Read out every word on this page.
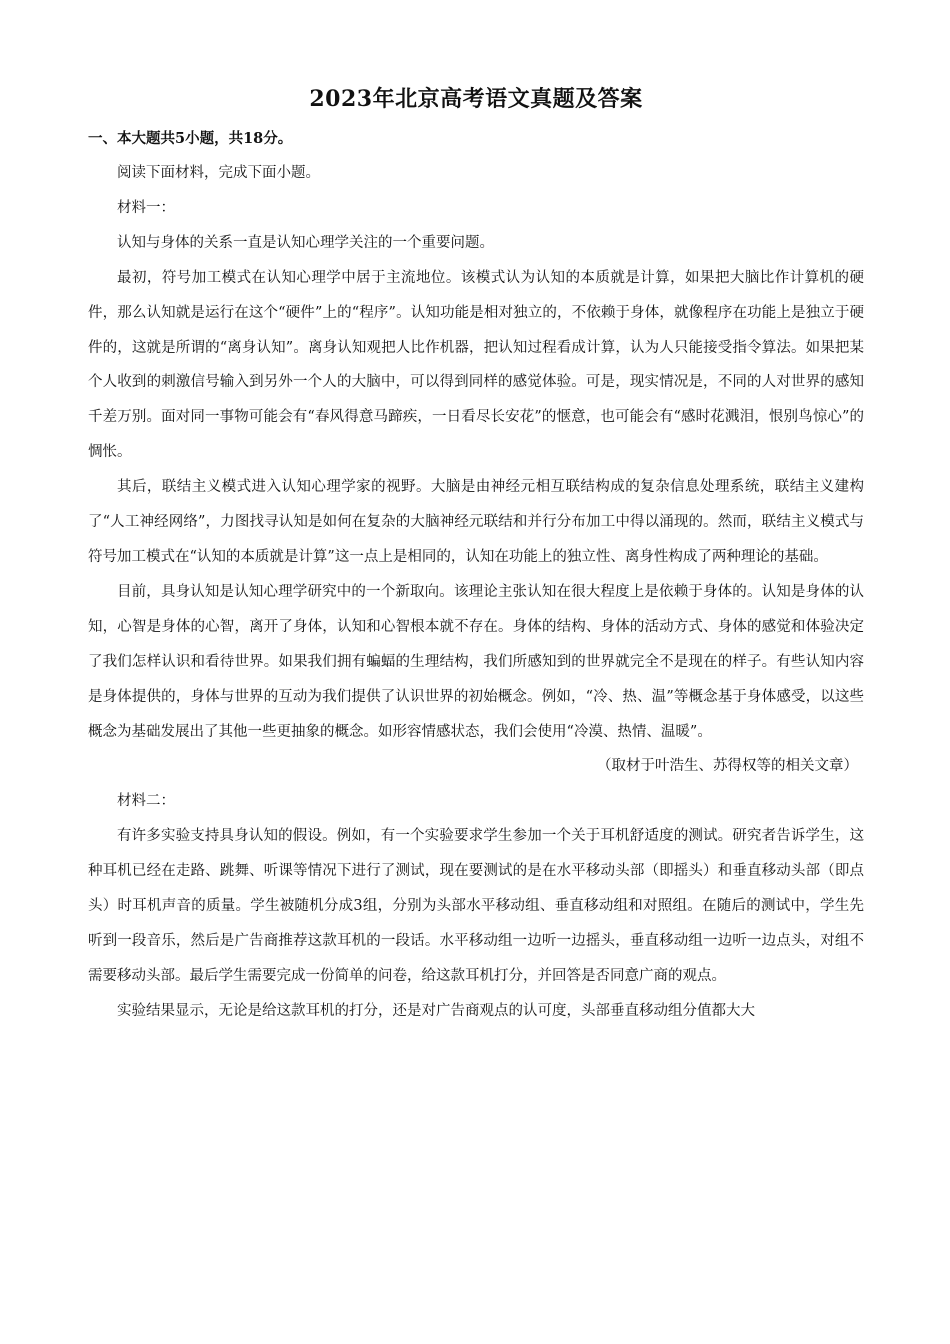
2023年北京高考语文真题及答案

一、本大题共5小题，共18分。

阅读下面材料，完成下面小题。

材料一：

认知与身体的关系一直是认知心理学关注的一个重要问题。

最初，符号加工模式在认知心理学中居于主流地位。该模式认为认知的本质就是计算，如果把大脑比作计算机的硬件，那么认知就是运行在这个“硬件”上的“程序”。认知功能是相对独立的，不依赖于身体，就像程序在功能上是独立于硬件的，这就是所谓的“离身认知”。离身认知观把人比作机器，把认知过程看成计算，认为人只能接受指令算法。如果把某个人收到的刺激信号输入到另外一个人的大脑中，可以得到同样的感觉体验。可是，现实情况是，不同的人对世界的感知千差万别。面对同一事物可能会有“春风得意马蹄疾，一日看尽长安花”的惬意，也可能会有“感时花溅泪，恨别鸟惊心”的惆怅。

其后，联结主义模式进入认知心理学家的视野。大脑是由神经元相互联结构成的复杂信息处理系统，联结主义建构了“人工神经网络”，力图找寻认知是如何在复杂的大脑神经元联结和并行分布加工中得以涌现的。然而，联结主义模式与符号加工模式在“认知的本质就是计算”这一点上是相同的，认知在功能上的独立性、离身性构成了两种理论的基础。

目前，具身认知是认知心理学研究中的一个新取向。该理论主张认知在很大程度上是依赖于身体的。认知是身体的认知，心智是身体的心智，离开了身体，认知和心智根本就不存在。身体的结构、身体的活动方式、身体的感觉和体验决定了我们怎样认识和看待世界。如果我们拥有蝙蝠的生理结构，我们所感知到的世界就完全不是现在的样子。有些认知内容是身体提供的，身体与世界的互动为我们提供了认识世界的初始概念。例如，“冷、热、温”等概念基于身体感受，以这些概念为基础发展出了其他一些更抽象的概念。如形容情感状态，我们会使用“冷漠、热情、温暖”。

（取材于叶浩生、苏得权等的相关文章）

材料二：

有许多实验支持具身认知的假设。例如，有一个实验要求学生参加一个关于耳机舒适度的测试。研究者告诉学生，这种耳机已经在走路、跳舞、听课等情况下进行了测试，现在要测试的是在水平移动头部（即摇头）和垂直移动头部（即点头）时耳机声音的质量。学生被随机分成3组，分别为头部水平移动组、垂直移动组和对照组。在随后的测试中，学生先听到一段音乐，然后是广告商推荐这款耳机的一段话。水平移动组一边听一边摇头，垂直移动组一边听一边点头，对组不需要移动头部。最后学生需要完成一份简单的问卷，给这款耳机打分，并回答是否同意广商的观点。

实验结果显示，无论是给这款耳机的打分，还是对广告商观点的认可度，头部垂直移动组分值都大大
